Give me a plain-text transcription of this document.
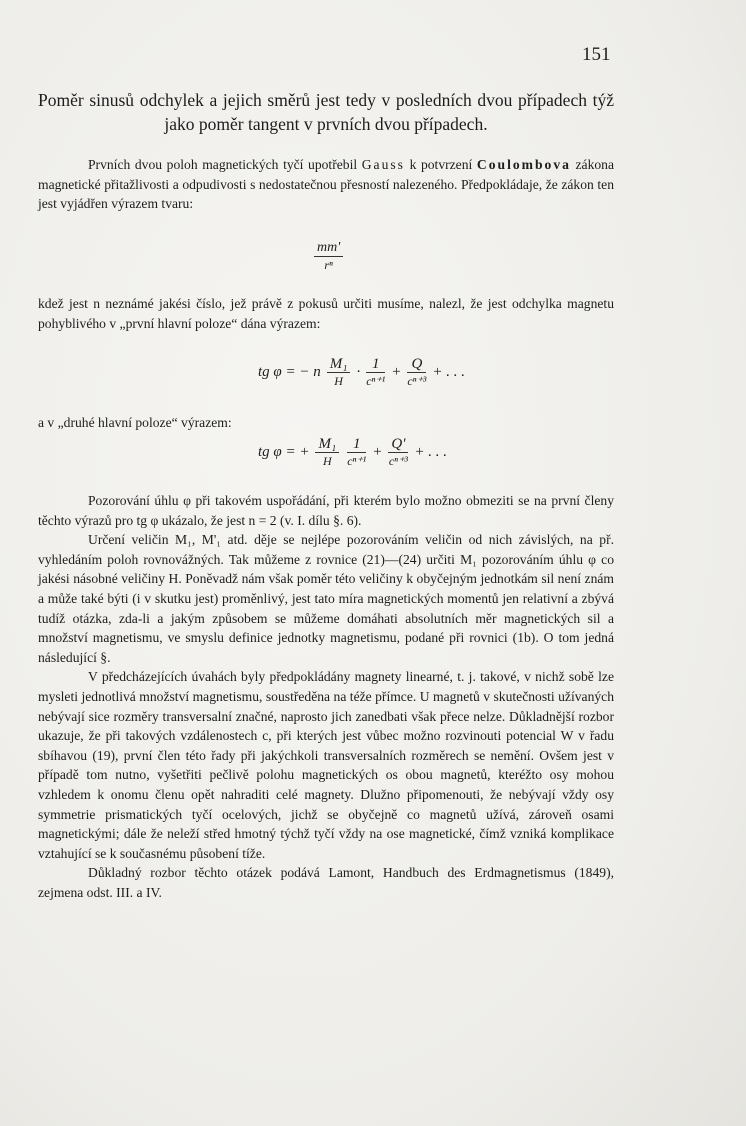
151
Poměr sinusů odchylek a jejich směrů jest tedy v posledních dvou případech týž jako poměr tangent v prvních dvou případech.
Prvních dvou poloh magnetických tyčí upotřebil Gauss k potvrzení Coulombova zákona magnetické přitažlivosti a odpudivosti s nedostatečnou přesností nalezeného. Předpokládaje, že zákon ten jest vyjádřen výrazem tvaru:
$\frac{mm'}{\text{rⁿ}}$
kdež jest n neznámé jakési číslo, jež právě z pokusů určiti musíme, nalezl, že jest odchylka magnetu pohyblivého v „první hlavní poloze“ dána výrazem:
tg φ = − n $\frac{\text{M₁}}{H} \cdot \frac{1}{\text{cⁿ⁺¹}} + \frac{Q}{\text{cⁿ⁺³}}$ + . . .
a v „druhé hlavní poloze“ výrazem:
tg φ = + $\frac{\text{M₁}}{H} \frac{1}{\text{cⁿ⁺¹}} + \frac{Q'}{\text{cⁿ⁺³}}$ + . . .

Pozorování úhlu φ při takovém uspořádání, při kterém bylo možno obmeziti se na první členy těchto výrazů pro tg φ ukázalo, že jest n = 2 (v. I. dílu §. 6).

Určení veličin M₁, M'₁ atd. děje se nejlépe pozorováním veličin od nich závislých, na př. vyhledáním poloh rovnovážných. Tak můžeme z rovnice (21)—(24) určiti M₁ pozorováním úhlu φ co jakési násobné veličiny H. Poněvadž nám však poměr této veličiny k obyčejným jednotkám sil není znám a může také býti (i v skutku jest) proměnlivý, jest tato míra magnetických momentů jen relativní a zbývá tudíž otázka, zda-li a jakým způsobem se můžeme domáhati absolutních měr magnetických sil a množství magnetismu, ve smyslu definice jednotky magnetismu, podané při rovnici (1b). O tom jedná následující §.

V předcházejících úvahách byly předpokládány magnety linearné, t. j. takové, v nichž sobě lze mysleti jednotlivá množství magnetismu, soustředěna na téže přímce. U magnetů v skutečnosti užívaných nebývají sice rozměry transversalní značné, naprosto jich zanedbati však přece nelze. Důkladnější rozbor ukazuje, že při takových vzdálenostech c, při kterých jest vůbec možno rozvinouti potencial W v řadu sbíhavou (19), první člen této řady při jakýchkoli transversalních rozměrech se nemění. Ovšem jest v případě tom nutno, vyšetřiti pečlivě polohu magnetických os obou magnetů, kteréžto osy mohou vzhledem k onomu členu opět nahraditi celé magnety. Dlužno připomenouti, že nebývají vždy osy symmetrie prismatických tyčí ocelových, jichž se obyčejně co magnetů užívá, zároveň osami magnetickými; dále že neleží střed hmotný týchž tyčí vždy na ose magnetické, čímž vzniká komplikace vztahující se k současnému působení tíže.

Důkladný rozbor těchto otázek podává Lamont, Handbuch des Erdmagnetismus (1849), zejmena odst. III. a IV.
